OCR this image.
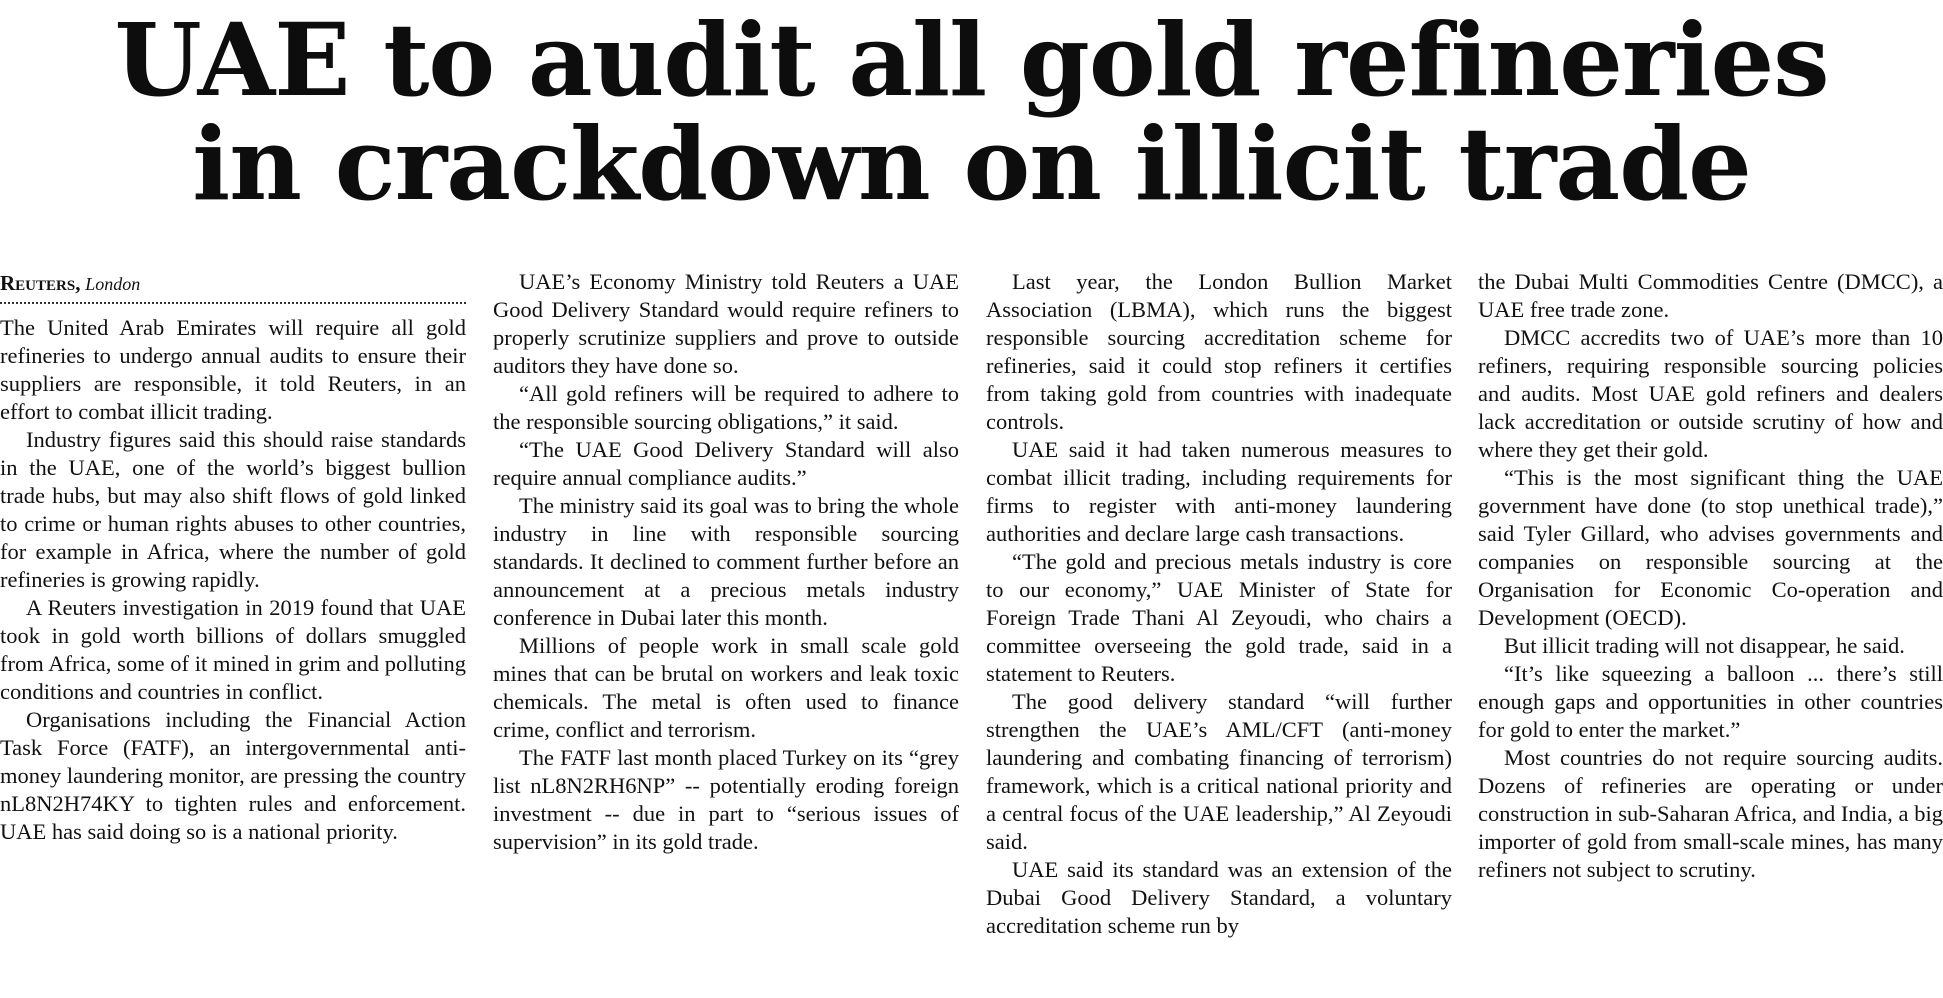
UAE to audit all gold refineries
in crackdown on illicit trade
Reuters, London

The United Arab Emirates will require all gold refineries to undergo annual audits to ensure their suppliers are responsible, it told Reuters, in an effort to combat illicit trading.

Industry figures said this should raise standards in the UAE, one of the world’s biggest bullion trade hubs, but may also shift flows of gold linked to crime or human rights abuses to other countries, for example in Africa, where the number of gold refineries is growing rapidly.

A Reuters investigation in 2019 found that UAE took in gold worth billions of dollars smuggled from Africa, some of it mined in grim and polluting conditions and countries in conflict.

Organisations including the Financial Action Task Force (FATF), an intergovernmental anti-money laundering monitor, are pressing the country nL8N2H74KY to tighten rules and enforcement. UAE has said doing so is a national priority.

UAE’s Economy Ministry told Reuters a UAE Good Delivery Standard would require refiners to properly scrutinize suppliers and prove to outside auditors they have done so.

“All gold refiners will be required to adhere to the responsible sourcing obligations,” it said.

“The UAE Good Delivery Standard will also require annual compliance audits.”

The ministry said its goal was to bring the whole industry in line with responsible sourcing standards. It declined to comment further before an announcement at a precious metals industry conference in Dubai later this month.

Millions of people work in small scale gold mines that can be brutal on workers and leak toxic chemicals. The metal is often used to finance crime, conflict and terrorism.

The FATF last month placed Turkey on its “grey list nL8N2RH6NP” -- potentially eroding foreign investment -- due in part to “serious issues of supervision” in its gold trade.

Last year, the London Bullion Market Association (LBMA), which runs the biggest responsible sourcing accreditation scheme for refineries, said it could stop refiners it certifies from taking gold from countries with inadequate controls.

UAE said it had taken numerous measures to combat illicit trading, including requirements for firms to register with anti-money laundering authorities and declare large cash transactions.

“The gold and precious metals industry is core to our economy,” UAE Minister of State for Foreign Trade Thani Al Zeyoudi, who chairs a committee overseeing the gold trade, said in a statement to Reuters.

The good delivery standard “will further strengthen the UAE’s AML/CFT (anti-money laundering and combating financing of terrorism) framework, which is a critical national priority and a central focus of the UAE leadership,” Al Zeyoudi said.

UAE said its standard was an extension of the Dubai Good Delivery Standard, a voluntary accreditation scheme run by

the Dubai Multi Commodities Centre (DMCC), a UAE free trade zone.

DMCC accredits two of UAE’s more than 10 refiners, requiring responsible sourcing policies and audits. Most UAE gold refiners and dealers lack accreditation or outside scrutiny of how and where they get their gold.

“This is the most significant thing the UAE government have done (to stop unethical trade),” said Tyler Gillard, who advises governments and companies on responsible sourcing at the Organisation for Economic Co-operation and Development (OECD).

But illicit trading will not disappear, he said.

“It’s like squeezing a balloon ... there’s still enough gaps and opportunities in other countries for gold to enter the market.”

Most countries do not require sourcing audits. Dozens of refineries are operating or under construction in sub-Saharan Africa, and India, a big importer of gold from small-scale mines, has many refiners not subject to scrutiny.
